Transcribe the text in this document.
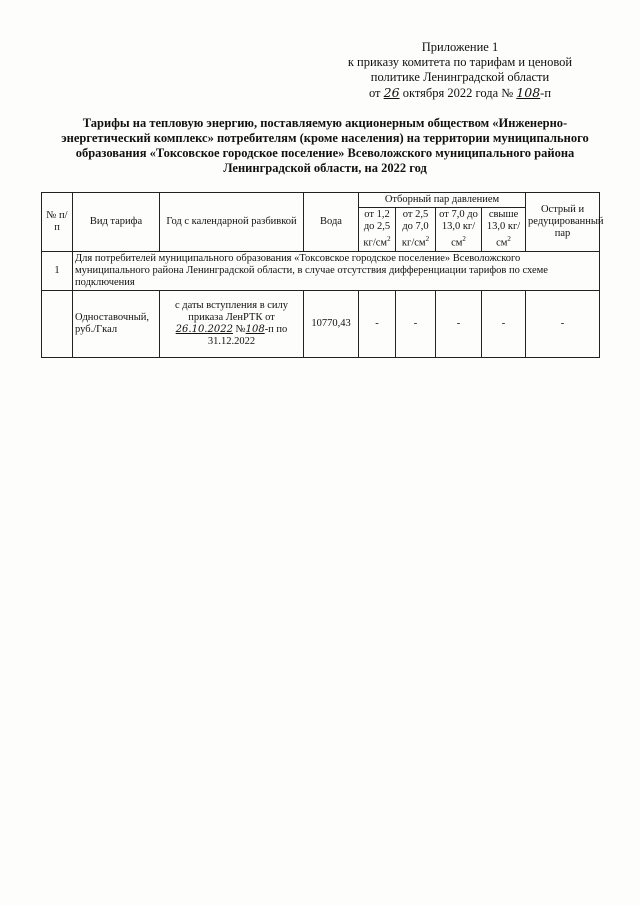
Приложение 1
к приказу комитета по тарифам и ценовой
политике Ленинградской области
от 26 октября 2022 года № 108-п
Тарифы на тепловую энергию, поставляемую акционерным обществом «Инженерно-энергетический комплекс» потребителям (кроме населения) на территории муниципального образования «Токсовское городское поселение» Всеволожского муниципального района Ленинградской области, на 2022 год
№ п/п	Вид тарифа	Год с календарной разбивкой	Вода	Отборный пар давлением				Острый и редуцированный пар
				от 1,2 до 2,5 $кг/см^2$	от 2,5 до 7,0 $кг/см^2$	от 7,0 до 13,0 $кг/см^2$	свыше 13,0 $кг/см^2$
1	Для потребителей муниципального образования «Токсовское городское поселение» Всеволожского муниципального района Ленинградской области, в случае отсутствия дифференциации тарифов по схеме подключения							
	Одноставочный, руб./Гкал	с даты вступления в силу приказа ЛенРТК от
26.10.2022 №108-п по
31.12.2022	10770,43	-	-	-	-	-
